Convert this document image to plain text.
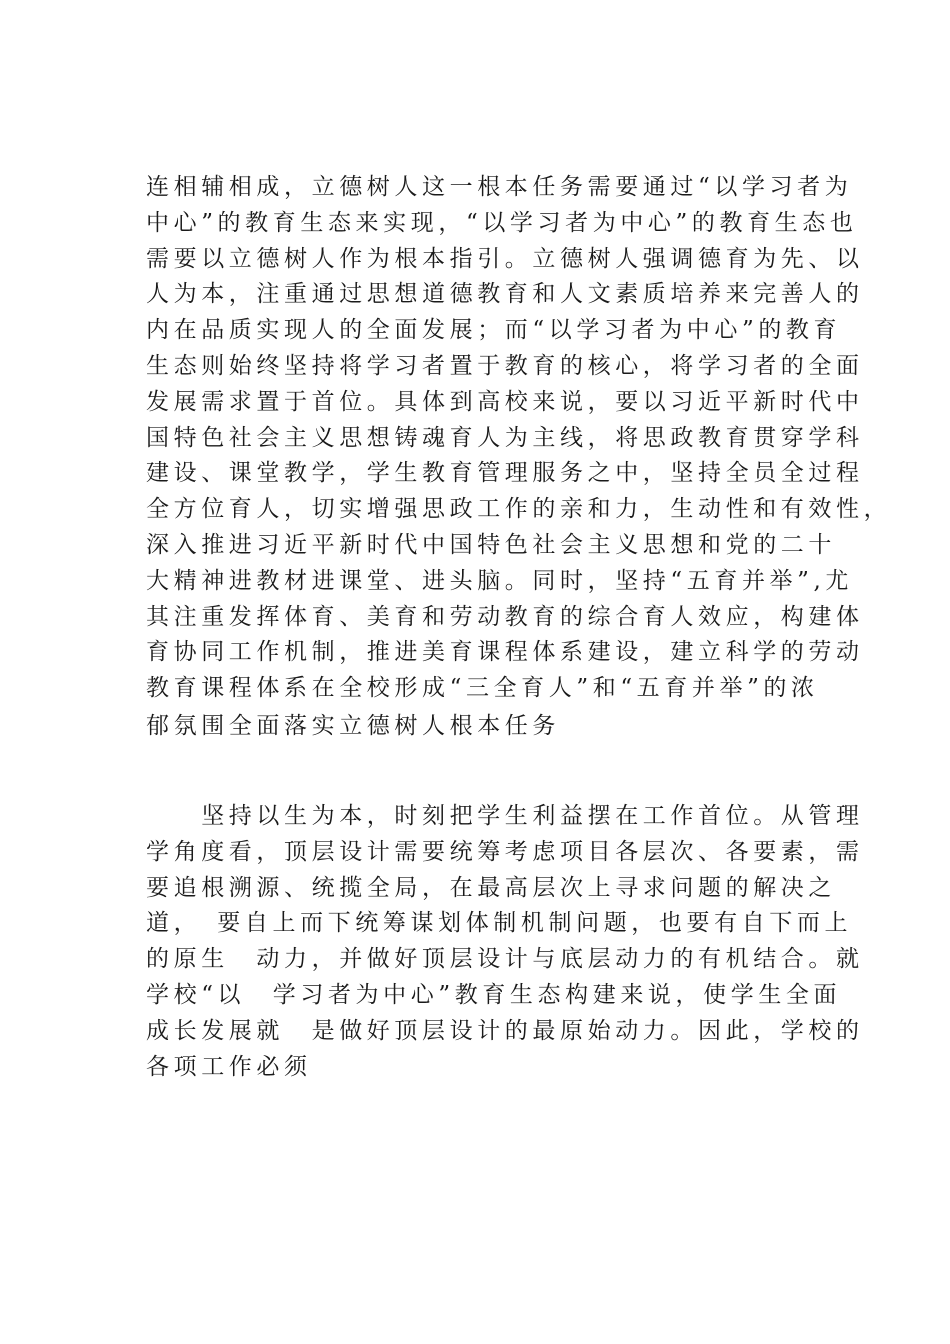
连相辅相成，立德树人这一根本任务需要通过“以学习者为
中心”的教育生态来实现，“以学习者为中心”的教育生态也
需要以立德树人作为根本指引。立德树人强调德育为先、以
人为本，注重通过思想道德教育和人文素质培养来完善人的
内在品质实现人的全面发展；而“以学习者为中心”的教育
生态则始终坚持将学习者置于教育的核心，将学习者的全面
发展需求置于首位。具体到高校来说，要以习近平新时代中
国特色社会主义思想铸魂育人为主线，将思政教育贯穿学科
建设、课堂教学，学生教育管理服务之中，坚持全员全过程
全方位育人，切实增强思政工作的亲和力，生动性和有效性，
深入推进习近平新时代中国特色社会主义思想和党的二十
大精神进教材进课堂、进头脑。同时，坚持“五育并举”,尤
其注重发挥体育、美育和劳动教育的综合育人效应，构建体
育协同工作机制，推进美育课程体系建设，建立科学的劳动
教育课程体系在全校形成“三全育人”和“五育并举”的浓
郁氛围全面落实立德树人根本任务
　　坚持以生为本，时刻把学生利益摆在工作首位。从管理
学角度看，顶层设计需要统筹考虑项目各层次、各要素，需
要追根溯源、统揽全局，在最高层次上寻求问题的解决之
道，　要自上而下统筹谋划体制机制问题，也要有自下而上
的原生　动力，并做好顶层设计与底层动力的有机结合。就
学校“以　学习者为中心”教育生态构建来说，使学生全面
成长发展就　是做好顶层设计的最原始动力。因此，学校的
各项工作必须
